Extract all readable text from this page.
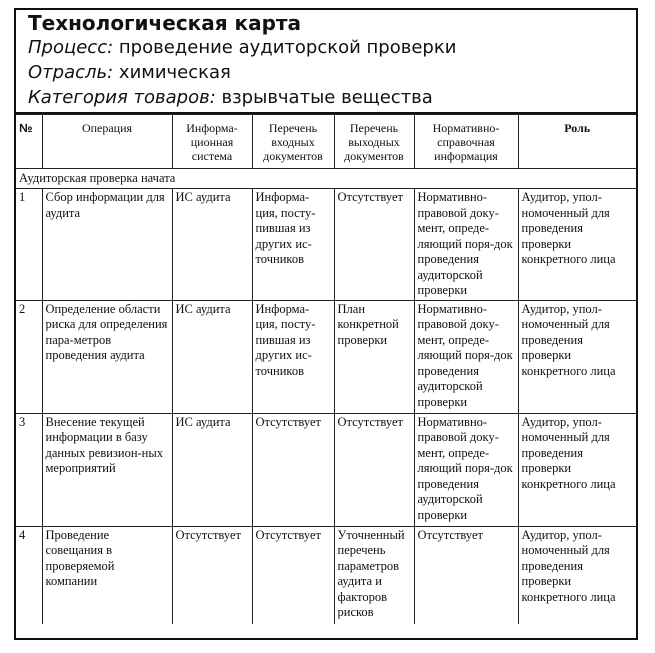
Технологическая карта
Процесс: проведение аудиторской проверки
Отрасль: химическая
Категория товаров: взрывчатые вещества
№	Операция	Информа-ционная система	Перечень входных документов	Перечень выходных документов	Нормативно-справочная информация	Роль
Аудиторская проверка начата						
1	Сбор информации для аудита	ИС аудита	Информа-ция, посту-пившая из других ис-точников	Отсутствует	Нормативно-правовой доку-мент, опреде-ляющий поря-док проведения аудиторской проверки	Аудитор, упол-номоченный для проведения проверки конкретного лица
2	Определение области риска для определения пара-метров проведения аудита	ИС аудита	Информа-ция, посту-пившая из других ис-точников	План конкретной проверки	Нормативно-правовой доку-мент, опреде-ляющий поря-док проведения аудиторской проверки	Аудитор, упол-номоченный для проведения проверки конкретного лица
3	Внесение текущей информации в базу данных ревизион-ных мероприятий	ИС аудита	Отсутствует	Отсутствует	Нормативно-правовой доку-мент, опреде-ляющий поря-док проведения аудиторской проверки	Аудитор, упол-номоченный для проведения проверки конкретного лица
4	Проведение совещания в проверяемой компании	Отсутствует	Отсутствует	Уточненный перечень параметров аудита и факторов рисков	Отсутствует	Аудитор, упол-номоченный для проведения проверки конкретного лица
